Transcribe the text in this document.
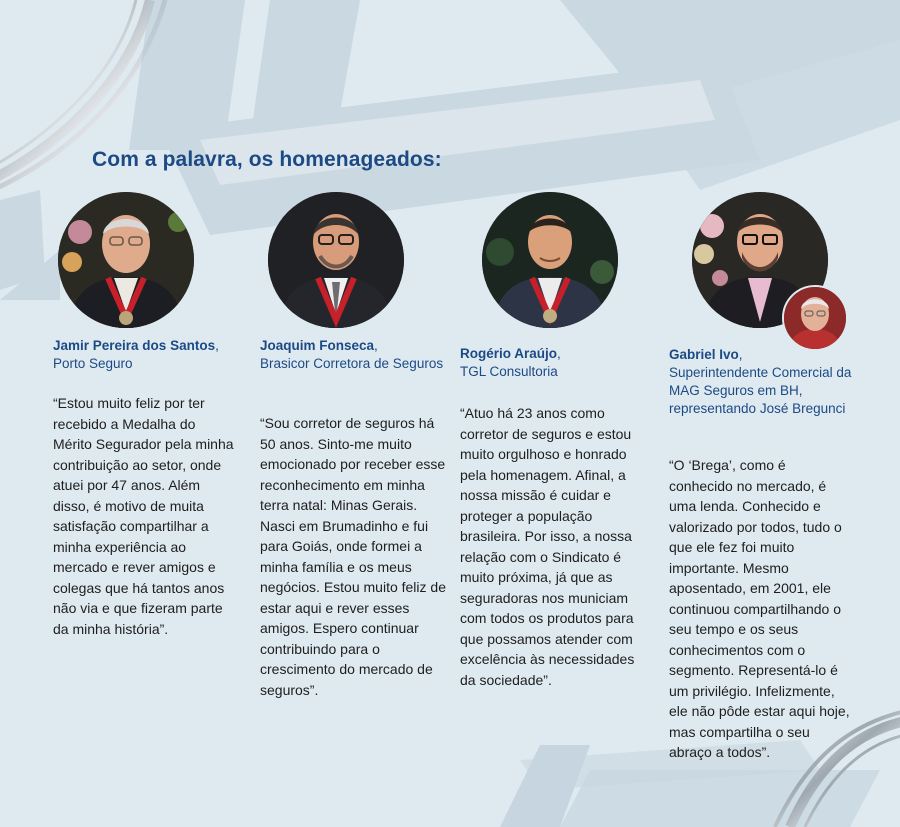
Com a palavra, os homenageados:
Jamir Pereira dos Santos,
Porto Seguro

“Estou muito feliz por ter recebido a Medalha do Mérito Segurador pela minha contribuição ao setor, onde atuei por 47 anos. Além disso, é motivo de muita satisfação compartilhar a minha experiência ao mercado e rever amigos e colegas que há tantos anos não via e que fizeram parte da minha história”.

Joaquim Fonseca,
Brasicor Corretora de Seguros

“Sou corretor de seguros há 50 anos. Sinto-me muito emocionado por receber esse reconhecimento em minha terra natal: Minas Gerais. Nasci em Brumadinho e fui para Goiás, onde formei a minha família e os meus negócios. Estou muito feliz de estar aqui e rever esses amigos. Espero continuar contribuindo para o crescimento do mercado de seguros”.

Rogério Araújo,
TGL Consultoria

“Atuo há 23 anos como corretor de seguros e estou muito orgulhoso e honrado pela homenagem. Afinal, a nossa missão é cuidar e proteger a população brasileira. Por isso, a nossa relação com o Sindicato é muito próxima, já que as seguradoras nos municiam com todos os produtos para que possamos atender com excelência às necessidades da sociedade”.

Gabriel Ivo,
Superintendente Comercial da MAG Seguros em BH, representando José Bregunci

“O ‘Brega’, como é conhecido no mercado, é uma lenda. Conhecido e valorizado por todos, tudo o que ele fez foi muito importante. Mesmo aposentado, em 2001, ele continuou compartilhando o seu tempo e os seus conhecimentos com o segmento. Representá-lo é um privilégio. Infelizmente, ele não pôde estar aqui hoje, mas compartilha o seu abraço a todos”.
